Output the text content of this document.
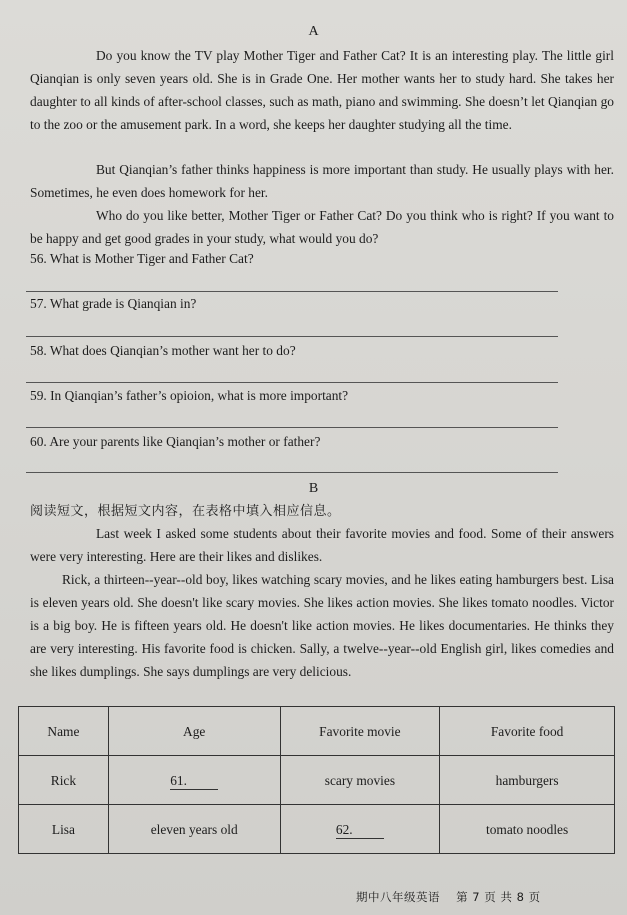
A
Do you know the TV play Mother Tiger and Father Cat? It is an interesting play. The little girl Qianqian is only seven years old. She is in Grade One. Her mother wants her to study hard. She takes her daughter to all kinds of after-school classes, such as math, piano and swimming. She doesn’t let Qianqian go to the zoo or the amusement park. In a word, she keeps her daughter studying all the time.
But Qianqian’s father thinks happiness is more important than study. He usually plays with her. Sometimes, he even does homework for her.
Who do you like better, Mother Tiger or Father Cat? Do you think who is right? If you want to be happy and get good grades in your study, what would you do?
56. What is Mother Tiger and Father Cat?
57. What grade is Qianqian in?
58. What does Qianqian’s mother want her to do?
59. In Qianqian’s father’s opioion, what is more important?
60. Are your parents like Qianqian’s mother or father?
B
阅读短文，根据短文内容，在表格中填入相应信息。
Last week I asked some students about their favorite movies and food. Some of their answers were very interesting. Here are their likes and dislikes.
Rick, a thirteen--year--old boy, likes watching scary movies, and he likes eating hamburgers best. Lisa is eleven years old. She doesn't like scary movies. She likes action movies. She likes tomato noodles. Victor is a big boy. He is fifteen years old. He doesn't like action movies. He likes documentaries. He thinks they are very interesting. His favorite food is chicken. Sally, a twelve--year--old English girl, likes comedies and she likes dumplings. She says dumplings are very delicious.
Name	Age	Favorite movie	Favorite food
Rick	61.	scary movies	hamburgers
Lisa	eleven years old	62.	tomato noodles
期中八年级英语 第 7 页 共 8 页
